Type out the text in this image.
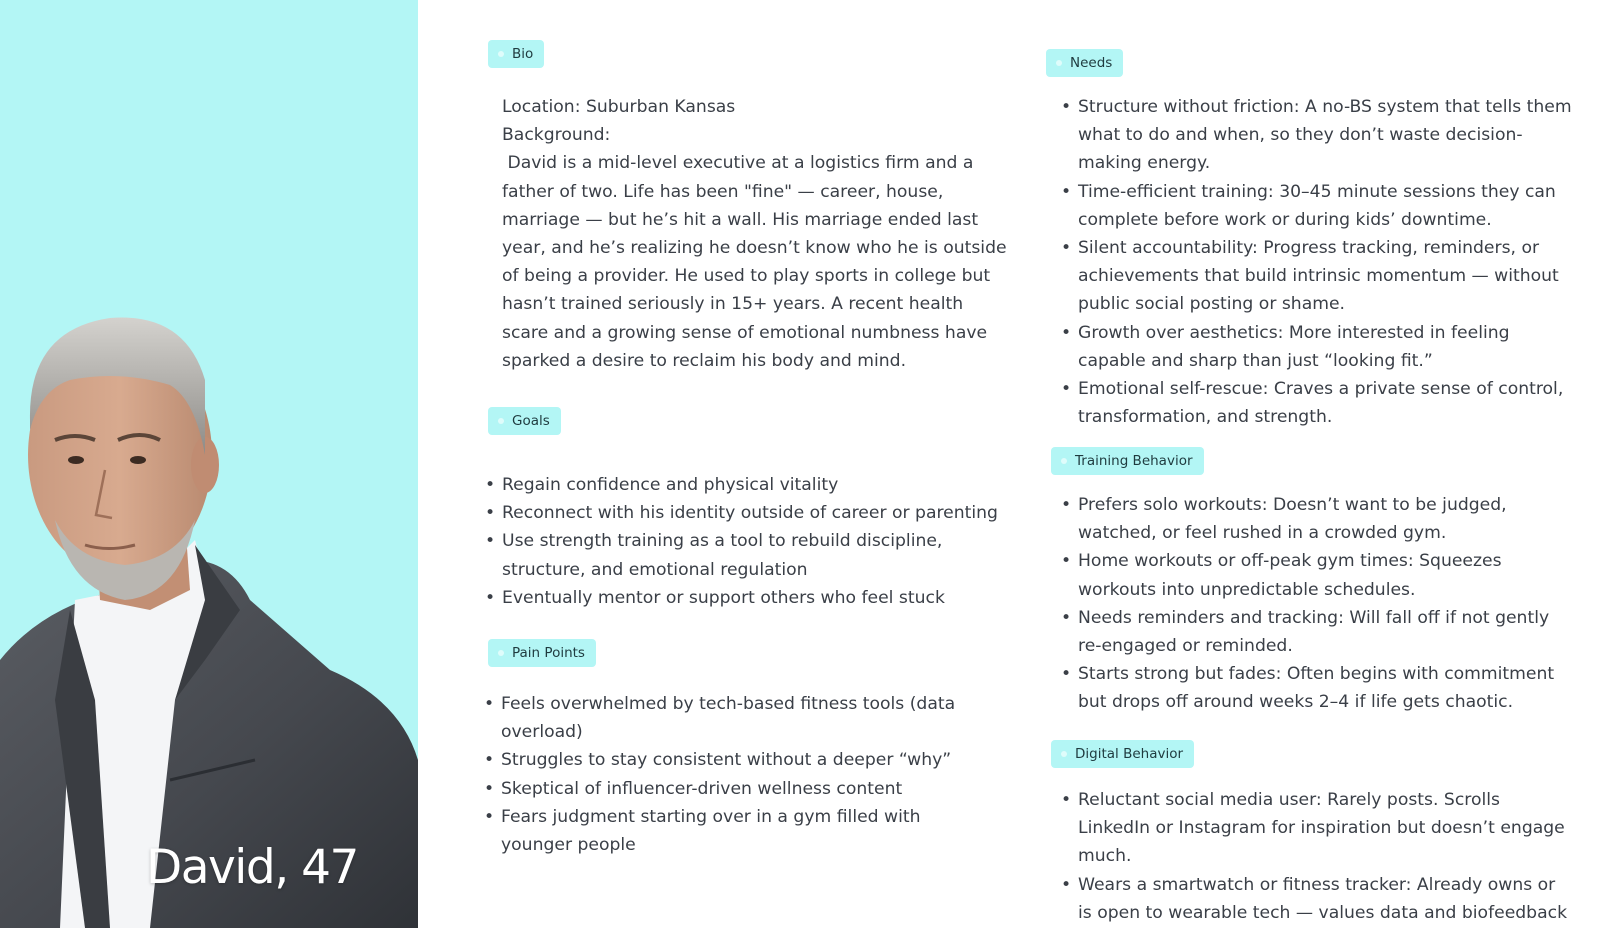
David, 47
Bio

Location: Suburban Kansas

Background:

David is a mid-level executive at a logistics firm and a father of two. Life has been "fine" — career, house, marriage — but he’s hit a wall. His marriage ended last year, and he’s realizing he doesn’t know who he is outside of being a provider. He used to play sports in college but hasn’t trained seriously in 15+ years. A recent health scare and a growing sense of emotional numbness have sparked a desire to reclaim his body and mind.
Goals
• Regain confidence and physical vitality
• Reconnect with his identity outside of career or parenting
• Use strength training as a tool to rebuild discipline, structure, and emotional regulation
• Eventually mentor or support others who feel stuck
Pain Points
• Feels overwhelmed by tech-based fitness tools (data overload)
• Struggles to stay consistent without a deeper “why”
• Skeptical of influencer-driven wellness content
• Fears judgment starting over in a gym filled with younger people
Needs
• Structure without friction: A no-BS system that tells them what to do and when, so they don’t waste decision-making energy.
• Time-efficient training: 30–45 minute sessions they can complete before work or during kids’ downtime.
• Silent accountability: Progress tracking, reminders, or achievements that build intrinsic momentum — without public social posting or shame.
• Growth over aesthetics: More interested in feeling capable and sharp than just “looking fit.”
• Emotional self-rescue: Craves a private sense of control, transformation, and strength.
Training Behavior
• Prefers solo workouts: Doesn’t want to be judged, watched, or feel rushed in a crowded gym.
• Home workouts or off-peak gym times: Squeezes workouts into unpredictable schedules.
• Needs reminders and tracking: Will fall off if not gently re-engaged or reminded.
• Starts strong but fades: Often begins with commitment but drops off around weeks 2–4 if life gets chaotic.
Digital Behavior
• Reluctant social media user: Rarely posts. Scrolls LinkedIn or Instagram for inspiration but doesn’t engage much.
• Wears a smartwatch or fitness tracker: Already owns or is open to wearable tech — values data and biofeedback
